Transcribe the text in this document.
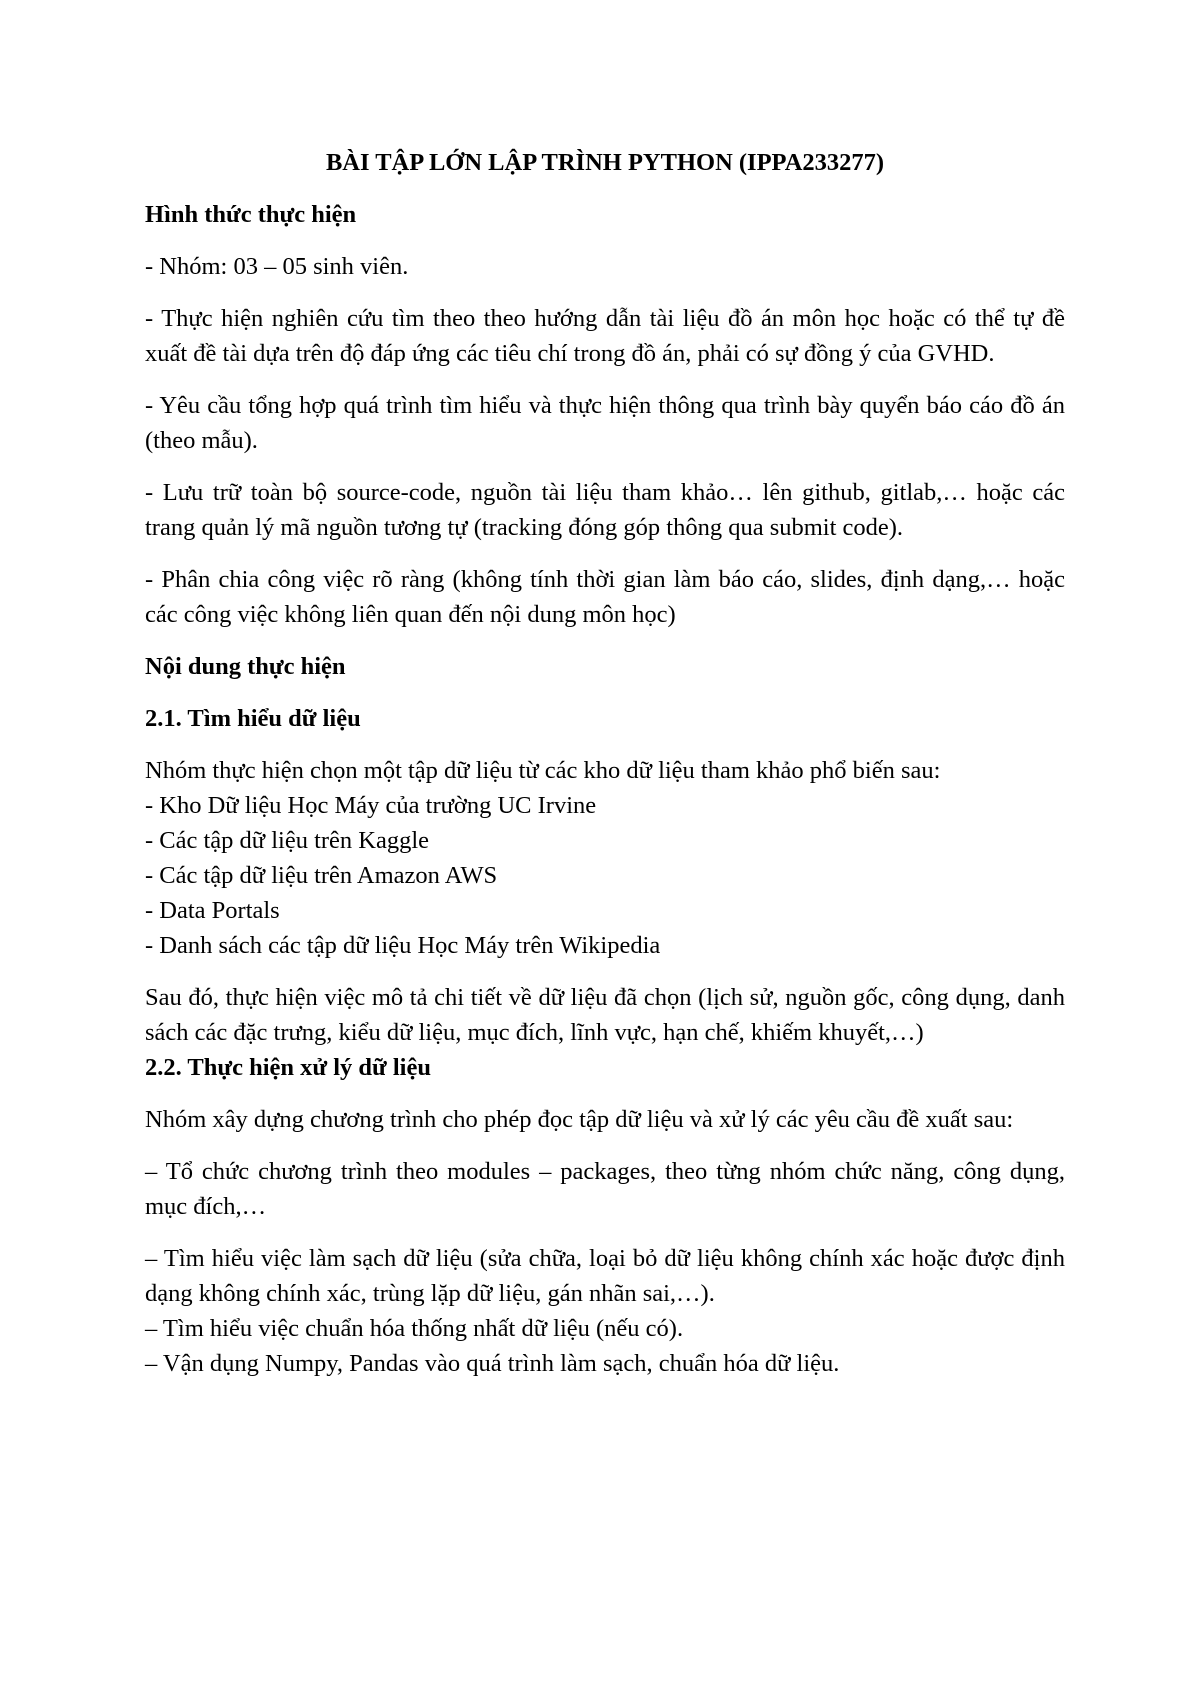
BÀI TẬP LỚN LẬP TRÌNH PYTHON (IPPA233277)
Hình thức thực hiện

- Nhóm: 03 – 05 sinh viên.

- Thực hiện nghiên cứu tìm theo theo hướng dẫn tài liệu đồ án môn học hoặc có thể tự đề xuất đề tài dựa trên độ đáp ứng các tiêu chí trong đồ án, phải có sự đồng ý của GVHD.

- Yêu cầu tổng hợp quá trình tìm hiểu và thực hiện thông qua trình bày quyển báo cáo đồ án (theo mẫu).

- Lưu trữ toàn bộ source-code, nguồn tài liệu tham khảo… lên github, gitlab,… hoặc các trang quản lý mã nguồn tương tự (tracking đóng góp thông qua submit code).

- Phân chia công việc rõ ràng (không tính thời gian làm báo cáo, slides, định dạng,… hoặc các công việc không liên quan đến nội dung môn học)

Nội dung thực hiện
2.1. Tìm hiểu dữ liệu

Nhóm thực hiện chọn một tập dữ liệu từ các kho dữ liệu tham khảo phổ biến sau:

- Kho Dữ liệu Học Máy của trường UC Irvine
- Các tập dữ liệu trên Kaggle
- Các tập dữ liệu trên Amazon AWS
- Data Portals
- Danh sách các tập dữ liệu Học Máy trên Wikipedia

Sau đó, thực hiện việc mô tả chi tiết về dữ liệu đã chọn (lịch sử, nguồn gốc, công dụng, danh sách các đặc trưng, kiểu dữ liệu, mục đích, lĩnh vực, hạn chế, khiếm khuyết,…)

2.2. Thực hiện xử lý dữ liệu

Nhóm xây dựng chương trình cho phép đọc tập dữ liệu và xử lý các yêu cầu đề xuất sau:

– Tổ chức chương trình theo modules – packages, theo từng nhóm chức năng, công dụng, mục đích,…

– Tìm hiểu việc làm sạch dữ liệu (sửa chữa, loại bỏ dữ liệu không chính xác hoặc được định dạng không chính xác, trùng lặp dữ liệu, gán nhãn sai,…).

– Tìm hiểu việc chuẩn hóa thống nhất dữ liệu (nếu có).

– Vận dụng Numpy, Pandas vào quá trình làm sạch, chuẩn hóa dữ liệu.
